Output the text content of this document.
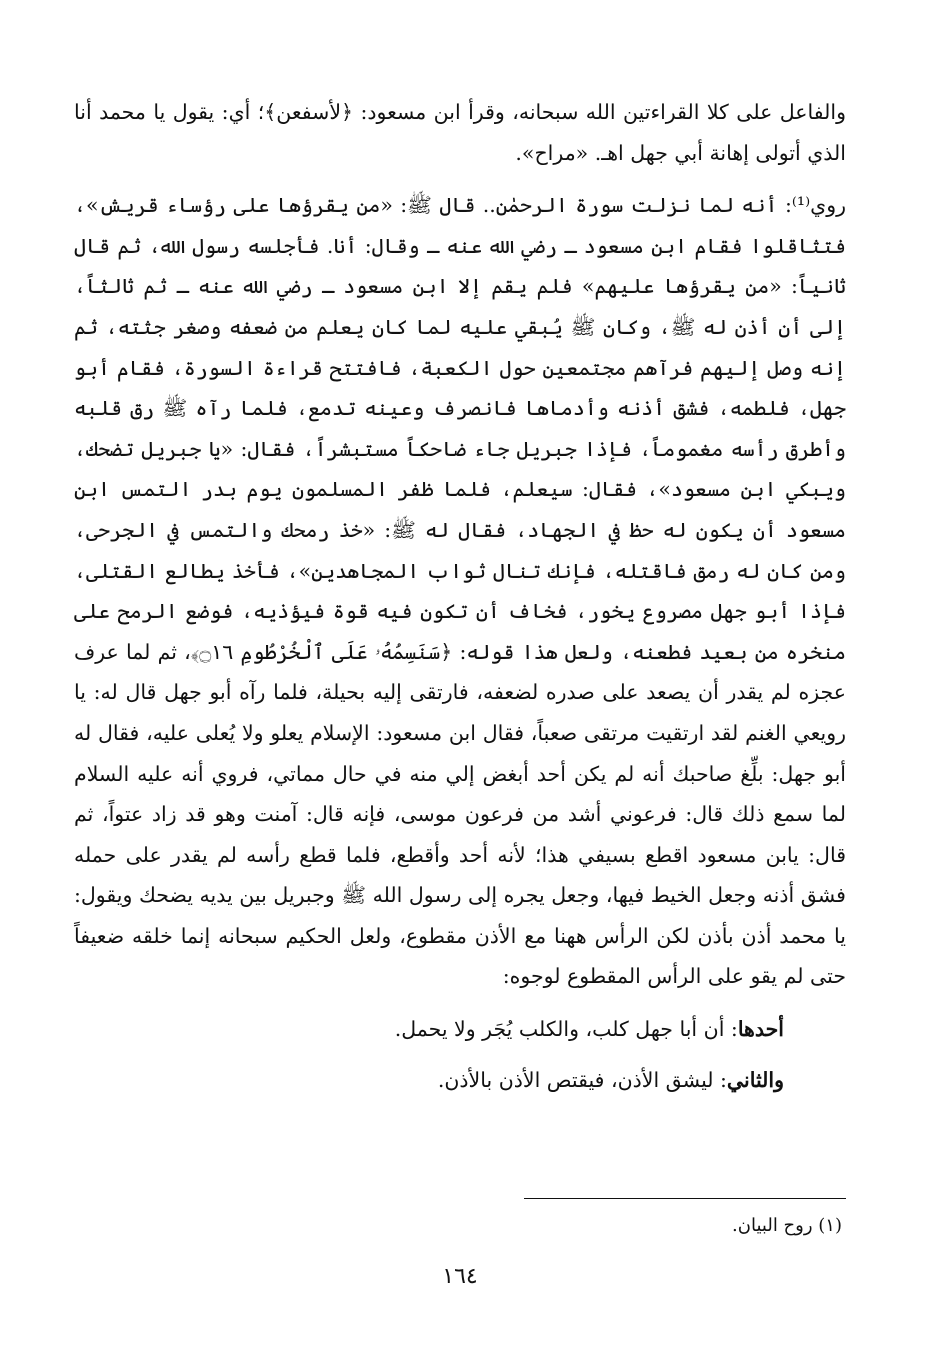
والفاعل على كلا القراءتين الله سبحانه، وقرأ ابن مسعود: ﴿لأسفعن﴾؛ أي: يقول يا محمد أنا الذي أتولى إهانة أبي جهل اهـ. «مراح».

روي⁽¹⁾: أنه لما نزلت سورة الرحمٰن.. قال ﷺ: «من يقرؤها على رؤساء قريش»، فتثاقلوا فقام ابن مسعود ـ رضي الله عنه ـ وقال: أنا. فأجلسه رسول الله، ثم قال ثانياً: «من يقرؤها عليهم» فلم يقم إلا ابن مسعود ـ رضي الله عنه ـ ثم ثالثاً، إلى أن أذن له ﷺ، وكان ﷺ يُبقي عليه لما كان يعلم من ضعفه وصغر جثته، ثم إنه وصل إليهم فرآهم مجتمعين حول الكعبة، فافتتح قراءة السورة، فقام أبو جهل، فلطمه، فشق أذنه وأدماها فانصرف وعينه تدمع، فلما رآه ﷺ رق قلبه وأطرق رأسه مغموماً، فإذا جبريل جاء ضاحكاً مستبشراً، فقال: «يا جبريل تضحك، ويبكي ابن مسعود»، فقال: سيعلم، فلما ظفر المسلمون يوم بدر التمس ابن مسعود أن يكون له حظ في الجهاد، فقال له ﷺ: «خذ رمحك والتمس في الجرحى، ومن كان له رمق فاقتله، فإنك تنال ثواب المجاهدين»، فأخذ يطالع القتلى، فإذا أبو جهل مصروع يخور، فخاف أن تكون فيه قوة فيؤذيه، فوضع الرمح على منخره من بعيد فطعنه، ولعل هذا قوله: ﴿سَنَسِمُهُۥ عَلَى ٱلْخُرْطُومِ ۝١٦﴾، ثم لما عرف عجزه لم يقدر أن يصعد على صدره لضعفه، فارتقى إليه بحيلة، فلما رآه أبو جهل قال له: يا رويعي الغنم لقد ارتقيت مرتقى صعباً، فقال ابن مسعود: الإسلام يعلو ولا يُعلى عليه، فقال له أبو جهل: بلِّغ صاحبك أنه لم يكن أحد أبغض إلي منه في حال مماتي، فروي أنه عليه السلام لما سمع ذلك قال: فرعوني أشد من فرعون موسى، فإنه قال: آمنت وهو قد زاد عتواً، ثم قال: يابن مسعود اقطع بسيفي هذا؛ لأنه أحد وأقطع، فلما قطع رأسه لم يقدر على حمله فشق أذنه وجعل الخيط فيها، وجعل يجره إلى رسول الله ﷺ وجبريل بين يديه يضحك ويقول: يا محمد أذن بأذن لكن الرأس ههنا مع الأذن مقطوع، ولعل الحكيم سبحانه إنما خلقه ضعيفاً حتى لم يقو على الرأس المقطوع لوجوه:

أحدها: أن أبا جهل كلب، والكلب يُجَر ولا يحمل.

والثاني: ليشق الأذن، فيقتص الأذن بالأذن.

(١) روح البيان.

١٦٤
